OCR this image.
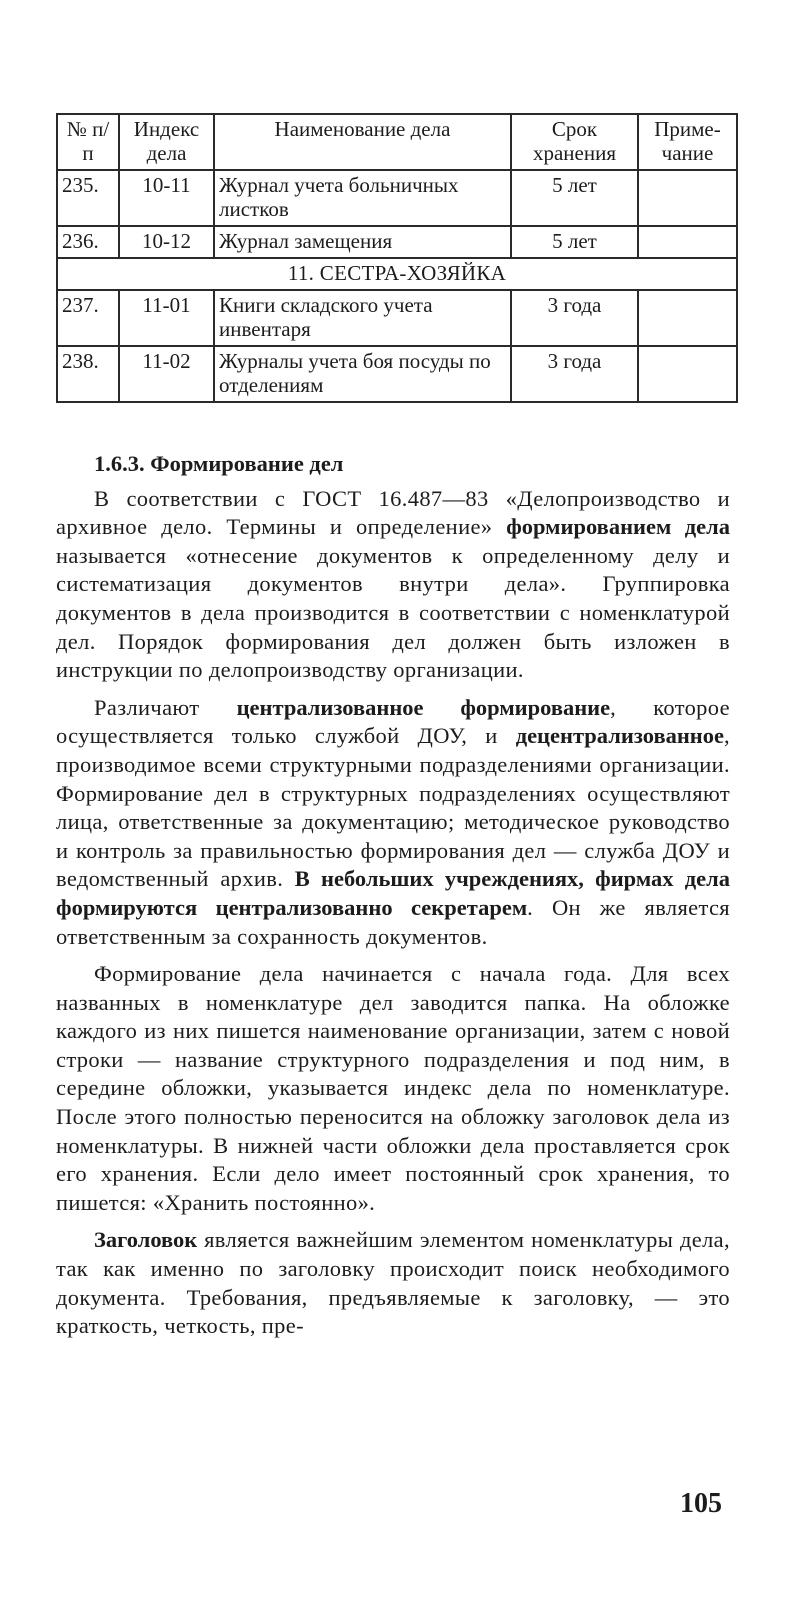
№ п/п	Индекс дела	Наименование дела	Срок хранения	Приме-чание
235.	10-11	Журнал учета больничных листков	5 лет	
236.	10-12	Журнал замещения	5 лет	
11. СЕСТРА-ХОЗЯЙКА				
237.	11-01	Книги складского учета инвентаря	3 года	
238.	11-02	Журналы учета боя посуды по отделениям	3 года	
1.6.3. Формирование дел

В соответствии с ГОСТ 16.487—83 «Делопроизводство и архивное дело. Термины и определение» формированием дела называется «отнесение документов к определенному делу и систематизация документов внутри дела». Группировка документов в дела производится в соответствии с номенклатурой дел. Порядок формирования дел должен быть изложен в инструкции по делопроизводству организации.

Различают централизованное формирование, которое осуществляется только службой ДОУ, и децентрализованное, производимое всеми структурными подразделениями организации. Формирование дел в структурных подразделениях осуществляют лица, ответственные за документацию; методическое руководство и контроль за правильностью формирования дел — служба ДОУ и ведомственный архив. В небольших учреждениях, фирмах дела формируются централизованно секретарем. Он же является ответственным за сохранность документов.

Формирование дела начинается с начала года. Для всех названных в номенклатуре дел заводится папка. На обложке каждого из них пишется наименование организации, затем с новой строки — название структурного подразделения и под ним, в середине обложки, указывается индекс дела по номенклатуре. После этого полностью переносится на обложку заголовок дела из номенклатуры. В нижней части обложки дела проставляется срок его хранения. Если дело имеет постоянный срок хранения, то пишется: «Хранить постоянно».

Заголовок является важнейшим элементом номенклатуры дела, так как именно по заголовку происходит поиск необходимого документа. Требования, предъявляемые к заголовку, — это краткость, четкость, пре-

105
